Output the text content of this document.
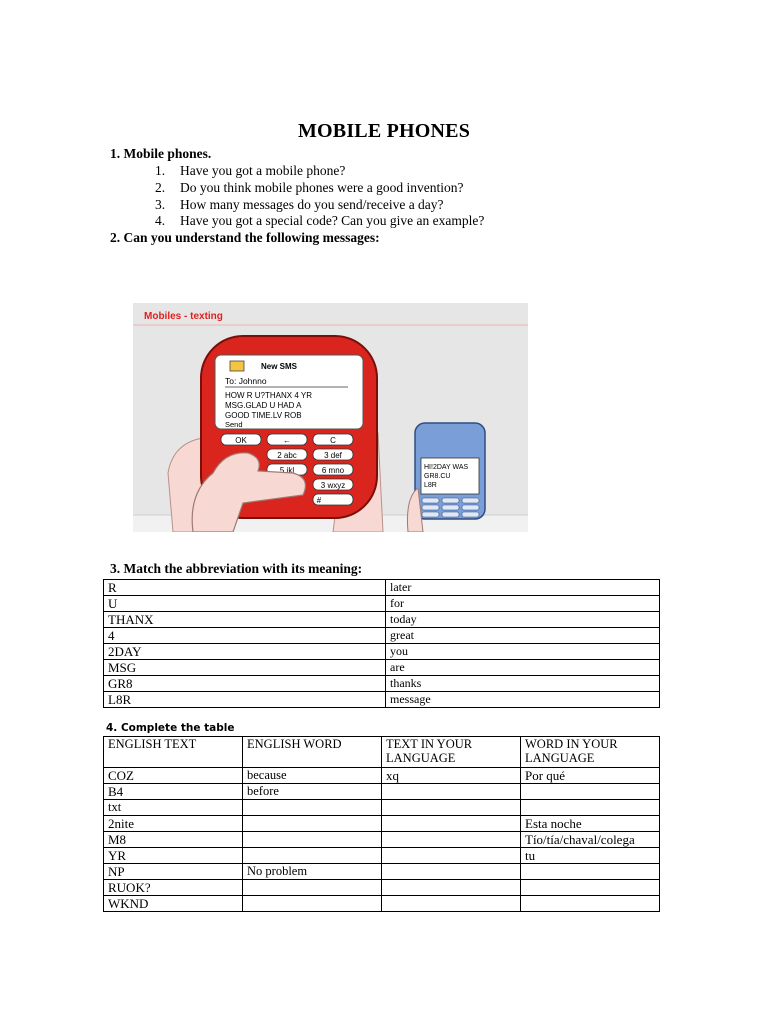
MOBILE PHONES
1. Mobile phones.
1. Have you got a mobile phone?
2. Do you think mobile phones were a good invention?
3. How many messages do you send/receive a day?
4. Have you got a special code? Can you give an example?
2. Can you understand the following messages:
Mobiles - texting
New SMS
To: Johnno
HOW R U?THANX 4 YR
MSG.GLAD U HAD A
GOOD TIME.LV ROB
Send
OK	←	C
2 abc	3 def
5 jkl	6 mno
3 wxyz
#
HI!2DAY WAS
GR8.CU
L8R
3. Match the abbreviation with its meaning:
R	later
U	for
THANX	today
4	great
2DAY	you
MSG	are
GR8	thanks
L8R	message
4. Complete the table
ENGLISH TEXT	ENGLISH WORD	TEXT IN YOUR LANGUAGE	WORD IN YOUR LANGUAGE
COZ	because	xq	Por qué
B4	before		
txt			
2nite			Esta noche
M8			Tío/tía/chaval/colega
YR			tu
NP	No problem		
RUOK?			
WKND			
